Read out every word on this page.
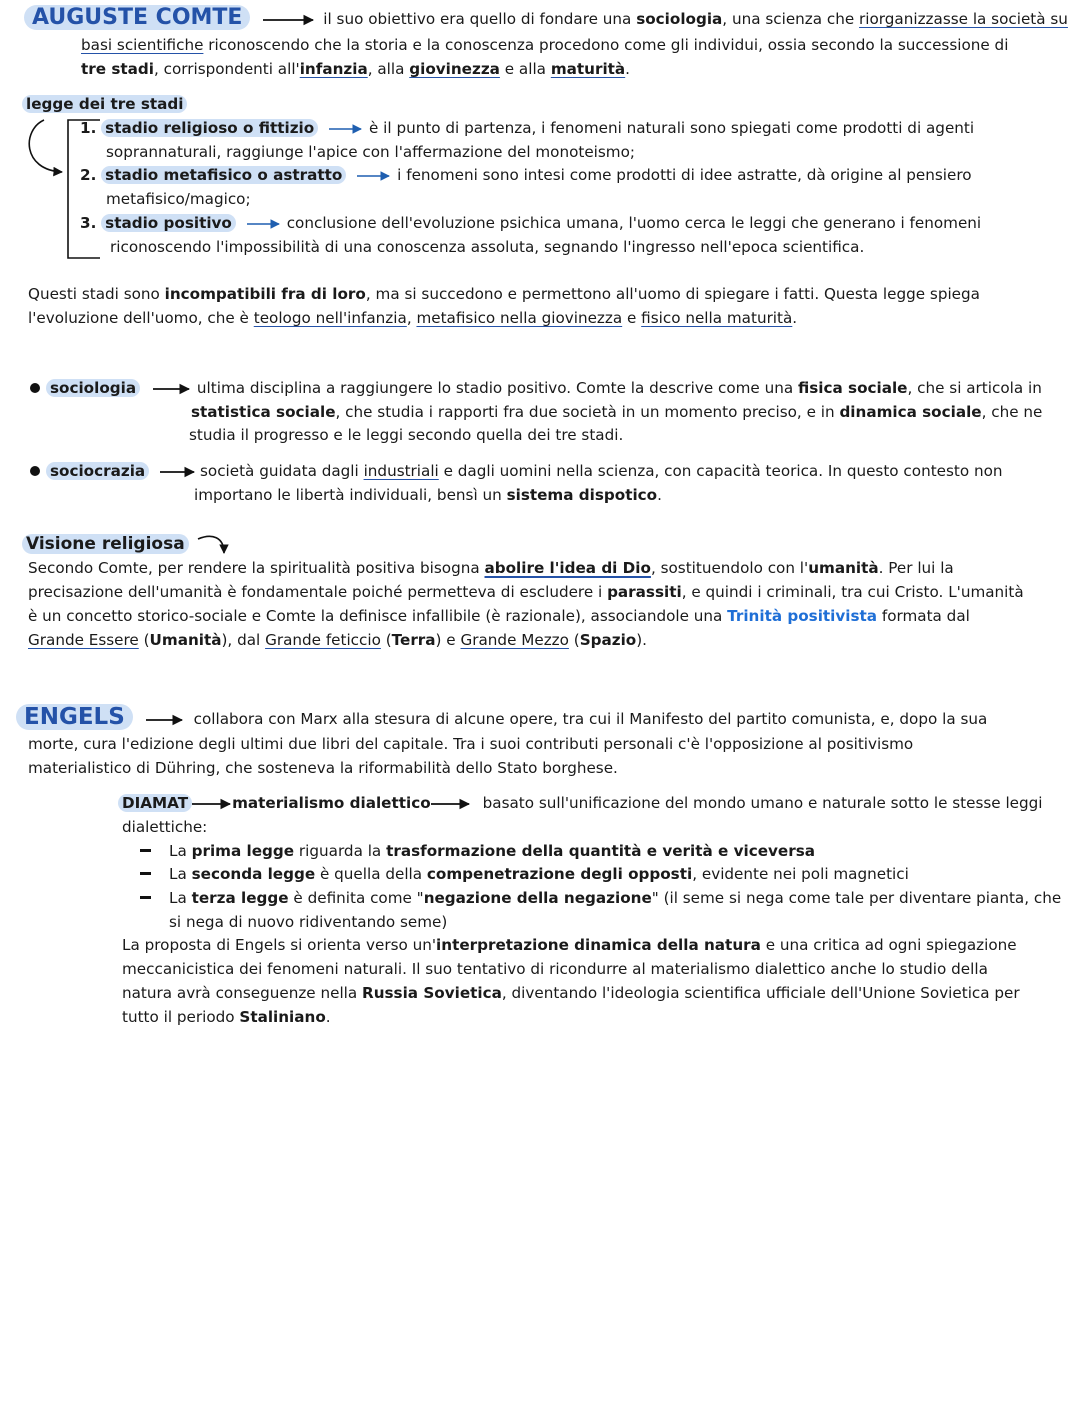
AUGUSTE COMTE	il suo obiettivo era quello di fondare una sociologia, una scienza che riorganizzasse la società su
basi scientifiche riconoscendo che la storia e la conoscenza procedono come gli individui, ossia secondo la successione di
tre stadi, corrispondenti all'infanzia, alla giovinezza e alla maturità.
legge dei tre stadi
1. stadio religioso o fittizio	è il punto di partenza, i fenomeni naturali sono spiegati come prodotti di agenti
soprannaturali, raggiunge l'apice con l'affermazione del monoteismo;
2. stadio metafisico o astratto	i fenomeni sono intesi come prodotti di idee astratte, dà origine al pensiero
metafisico/magico;
3. stadio positivo	conclusione dell'evoluzione psichica umana, l'uomo cerca le leggi che generano i fenomeni
riconoscendo l'impossibilità di una conoscenza assoluta, segnando l'ingresso nell'epoca scientifica.
Questi stadi sono incompatibili fra di loro, ma si succedono e permettono all'uomo di spiegare i fatti. Questa legge spiega
l'evoluzione dell'uomo, che è teologo nell'infanzia, metafisico nella giovinezza e fisico nella maturità.
sociologia	ultima disciplina a raggiungere lo stadio positivo. Comte la descrive come una fisica sociale, che si articola in
statistica sociale, che studia i rapporti fra due società in un momento preciso, e in dinamica sociale, che ne
studia il progresso e le leggi secondo quella dei tre stadi.
sociocrazia	società guidata dagli industriali e dagli uomini nella scienza, con capacità teorica. In questo contesto non
importano le libertà individuali, bensì un sistema dispotico.
Visione religiosa
Secondo Comte, per rendere la spiritualità positiva bisogna abolire l'idea di Dio, sostituendolo con l'umanità. Per lui la
precisazione dell'umanità è fondamentale poiché permetteva di escludere i parassiti, e quindi i criminali, tra cui Cristo. L'umanità
è un concetto storico-sociale e Comte la definisce infallibile (è razionale), associandole una Trinità positivista formata dal
Grande Essere (Umanità), dal Grande feticcio (Terra) e Grande Mezzo (Spazio).
ENGELS	collabora con Marx alla stesura di alcune opere, tra cui il Manifesto del partito comunista, e, dopo la sua
morte, cura l'edizione degli ultimi due libri del capitale. Tra i suoi contributi personali c'è l'opposizione al positivismo
materialistico di Dühring, che sosteneva la riformabilità dello Stato borghese.
DIAMAT	materialismo dialettico	basato sull'unificazione del mondo umano e naturale sotto le stesse leggi
dialettiche:
La prima legge riguarda la trasformazione della quantità e verità e viceversa
La seconda legge è quella della compenetrazione degli opposti, evidente nei poli magnetici
La terza legge è definita come "negazione della negazione" (il seme si nega come tale per diventare pianta, che
si nega di nuovo ridiventando seme)
La proposta di Engels si orienta verso un'interpretazione dinamica della natura e una critica ad ogni spiegazione
meccanicistica dei fenomeni naturali. Il suo tentativo di ricondurre al materialismo dialettico anche lo studio della
natura avrà conseguenze nella Russia Sovietica, diventando l'ideologia scientifica ufficiale dell'Unione Sovietica per
tutto il periodo Staliniano.
